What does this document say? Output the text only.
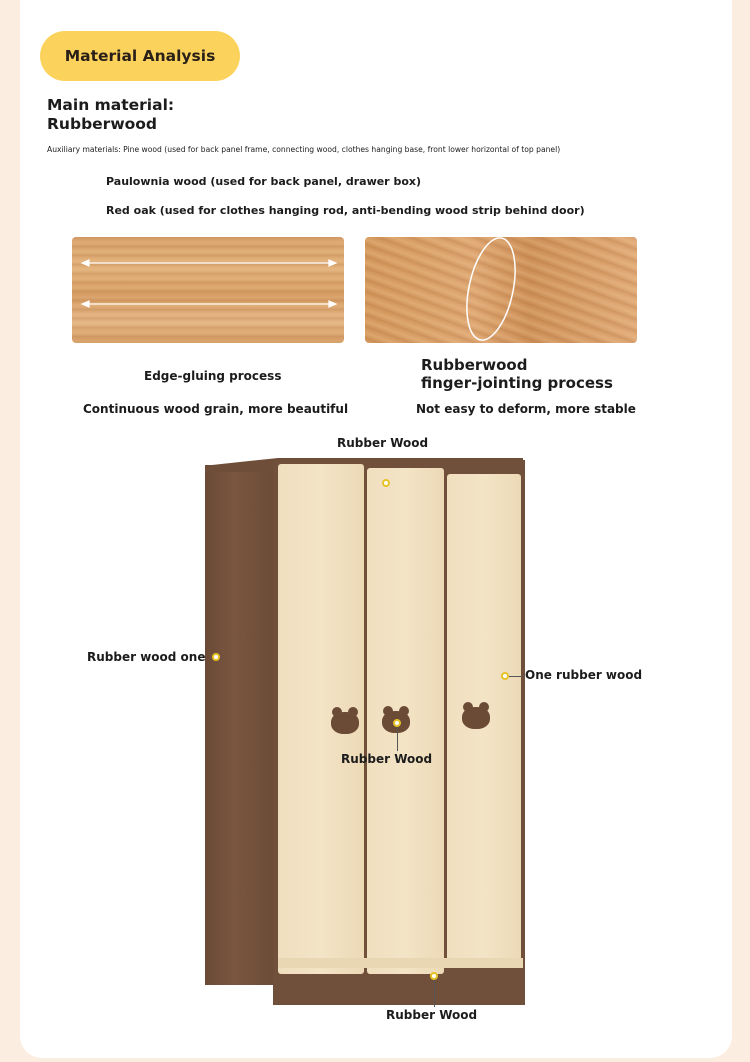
Material Analysis
Main material:
Rubberwood
Auxiliary materials: Pine wood (used for back panel frame, connecting wood, clothes hanging base, front lower horizontal of top panel)
Paulownia wood (used for back panel, drawer box)
Red oak (used for clothes hanging rod, anti-bending wood strip behind door)
Edge-gluing process
Continuous wood grain, more beautiful
Rubberwood
finger-jointing process
Not easy to deform, more stable
Rubber Wood
Rubber wood one
One rubber wood
Rubber Wood
Rubber Wood
